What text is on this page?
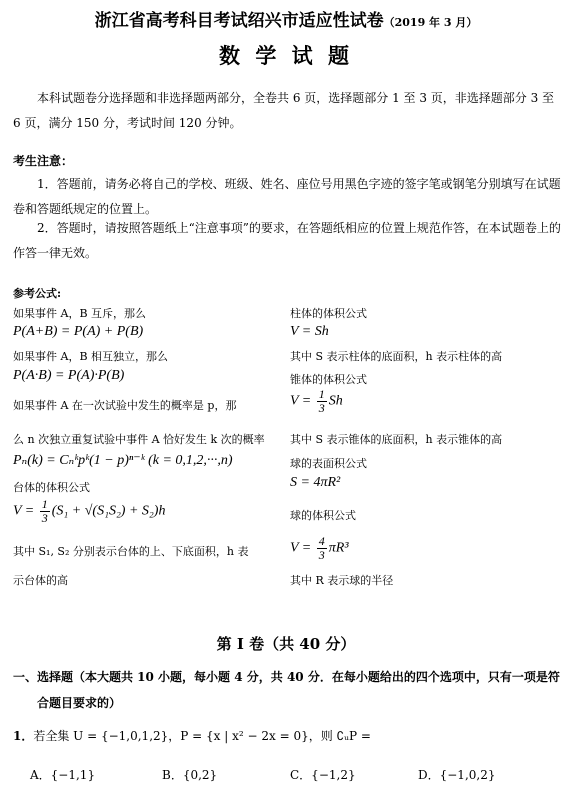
浙江省高考科目考试绍兴市适应性试卷（2019 年 3 月）
数 学 试 题
本科试题卷分选择题和非选择题两部分，全卷共 6 页，选择题部分 1 至 3 页，非选择题部分 3 至 6 页，满分 150 分，考试时间 120 分钟。
考生注意：
1．答题前，请务必将自己的学校、班级、姓名、座位号用黑色字迹的签字笔或钢笔分别填写在试题卷和答题纸规定的位置上。
2．答题时，请按照答题纸上“注意事项”的要求，在答题纸相应的位置上规范作答，在本试题卷上的作答一律无效。
参考公式:
如果事件 A，B 互斥，那么
P(A+B) = P(A) + P(B)
如果事件 A，B 相互独立，那么
P(A·B) = P(A)·P(B)
如果事件 A 在一次试验中发生的概率是 p，那
么 n 次独立重复试验中事件 A 恰好发生 k 次的概率
Pₙ(k) = Cₙᵏpᵏ(1 − p)ⁿ⁻ᵏ (k = 0,1,2,···,n)
台体的体积公式
$V = \frac{1}{3} (S_1 + √(S_1S_2) + S_2)h$
其中 S₁, S₂ 分别表示台体的上、下底面积，h 表
示台体的高
柱体的体积公式
V = Sh
其中 S 表示柱体的底面积，h 表示柱体的高
锥体的体积公式
$V = \frac{1}{3}$ Sh
其中 S 表示锥体的底面积，h 表示锥体的高
球的表面积公式
S = 4πR²
球的体积公式
$V = \frac{4}{3} \pi R^3$
其中 R 表示球的半径
第 I 卷（共 40 分）
一、选择题（本大题共 10 小题，每小题 4 分，共 40 分．在每小题给出的四个选项中，只有一项是符
合题目要求的）
1．若全集 U = {−1,0,1,2}，P = {x | x² − 2x = 0}，则 ∁ᵤP =
A．{−1,1}	B．{0,2}	C．{−1,2}	D．{−1,0,2}
